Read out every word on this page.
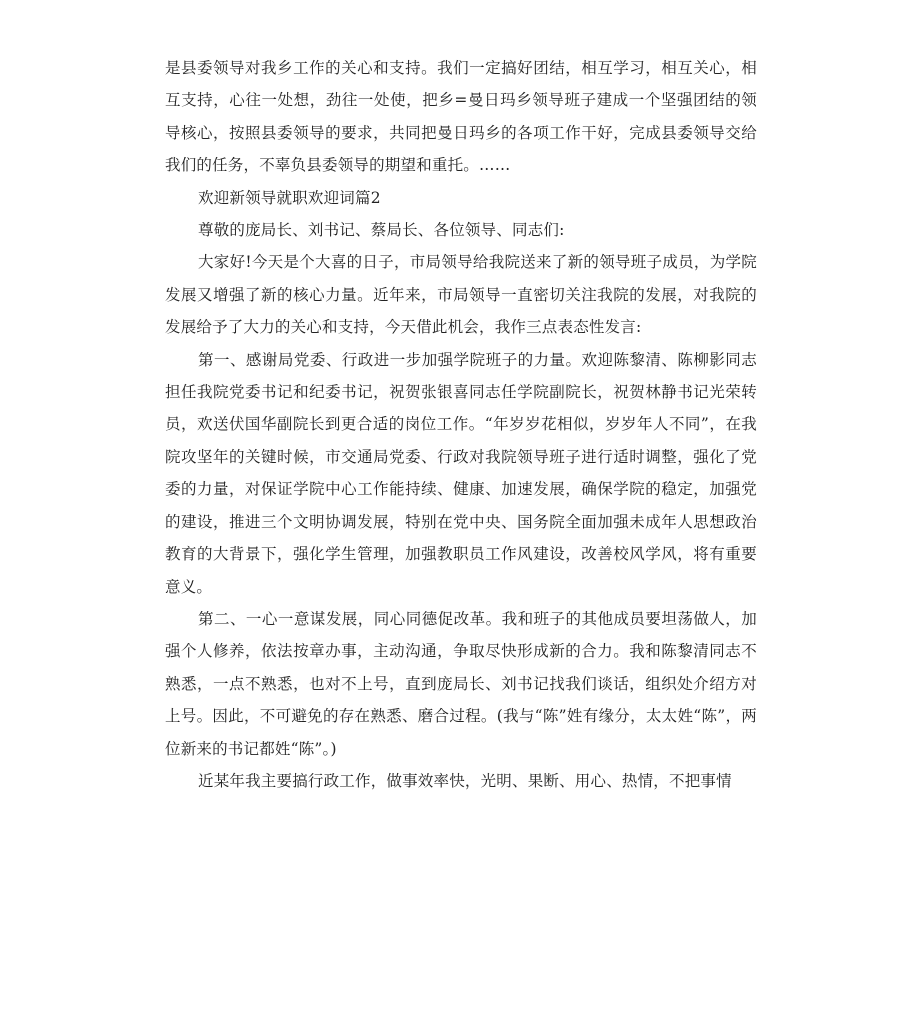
是县委领导对我乡工作的关心和支持。我们一定搞好团结，相互学习，相互关心，相互支持，心往一处想，劲往一处使，把乡=曼日玛乡领导班子建成一个坚强团结的领导核心，按照县委领导的要求，共同把曼日玛乡的各项工作干好，完成县委领导交给我们的任务，不辜负县委领导的期望和重托。……

欢迎新领导就职欢迎词篇2

尊敬的庞局长、刘书记、蔡局长、各位领导、同志们:

大家好!今天是个大喜的日子，市局领导给我院送来了新的领导班子成员，为学院发展又增强了新的核心力量。近年来，市局领导一直密切关注我院的发展，对我院的发展给予了大力的关心和支持，今天借此机会，我作三点表态性发言:

第一、感谢局党委、行政进一步加强学院班子的力量。欢迎陈黎清、陈柳影同志担任我院党委书记和纪委书记，祝贺张银喜同志任学院副院长，祝贺林静书记光荣转员，欢送伏国华副院长到更合适的岗位工作。“年岁岁花相似，岁岁年人不同”，在我院攻坚年的关键时候，市交通局党委、行政对我院领导班子进行适时调整，强化了党委的力量，对保证学院中心工作能持续、健康、加速发展，确保学院的稳定，加强党的建设，推进三个文明协调发展，特别在党中央、国务院全面加强未成年人思想政治教育的大背景下，强化学生管理，加强教职员工作风建设，改善校风学风，将有重要意义。

第二、一心一意谋发展，同心同德促改革。我和班子的其他成员要坦荡做人，加强个人修养，依法按章办事，主动沟通，争取尽快形成新的合力。我和陈黎清同志不熟悉，一点不熟悉，也对不上号，直到庞局长、刘书记找我们谈话，组织处介绍方对上号。因此，不可避免的存在熟悉、磨合过程。(我与“陈”姓有缘分，太太姓“陈”，两位新来的书记都姓“陈”。)

近某年我主要搞行政工作，做事效率快，光明、果断、用心、热情，不把事情
